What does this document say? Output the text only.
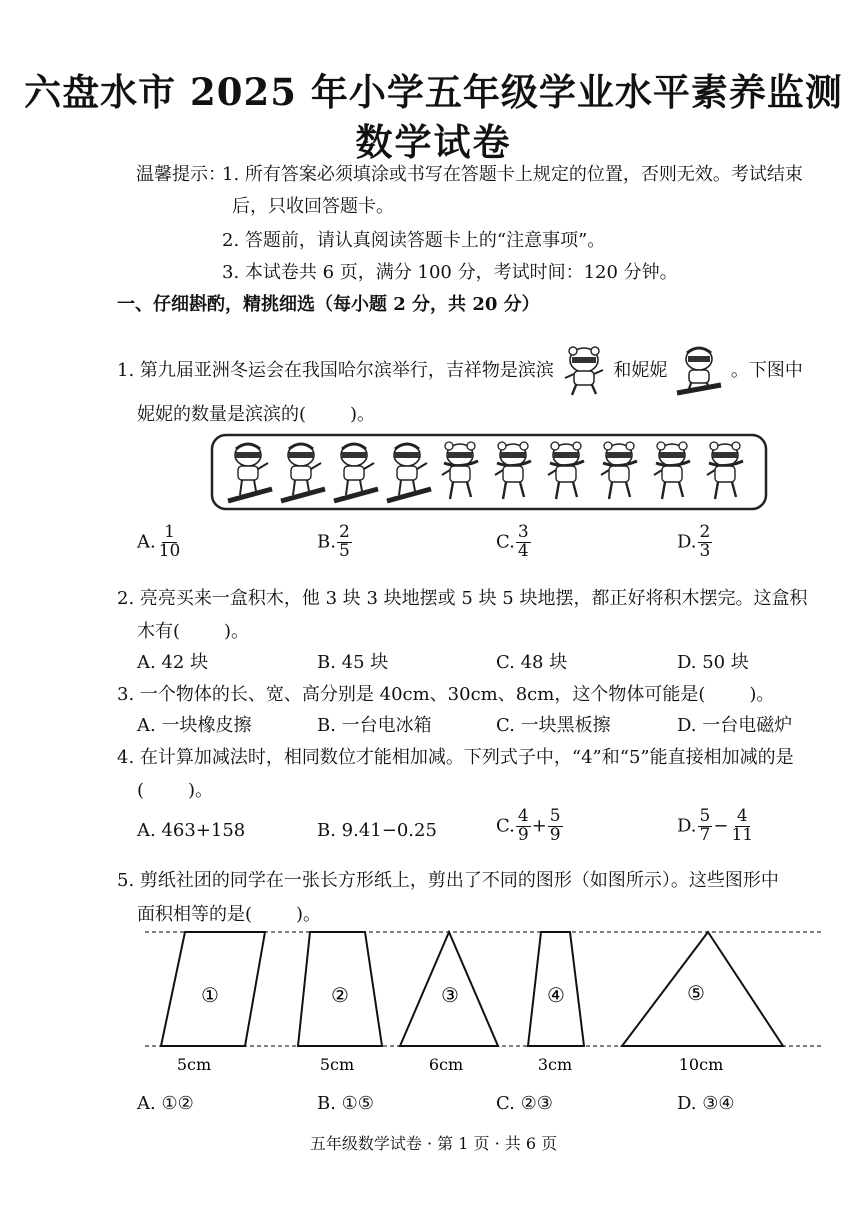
六盘水市 2025 年小学五年级学业水平素养监测
数学试卷
温馨提示：
1. 所有答案必须填涂或书写在答题卡上规定的位置，否则无效。考试结束
后，只收回答题卡。
2. 答题前，请认真阅读答题卡上的“注意事项”。
3. 本试卷共 6 页，满分 100 分，考试时间：120 分钟。
一、仔细斟酌，精挑细选（每小题 2 分，共 20 分）
1. 第九届亚洲冬运会在我国哈尔滨举行，吉祥物是滨滨	和妮妮	。下图中
妮妮的数量是滨滨的( )。
A. $\frac{1}{10}$	B. $\frac{2}{5}$	C. $\frac{3}{4}$	D. $\frac{2}{3}$
2. 亮亮买来一盒积木，他 3 块 3 块地摆或 5 块 5 块地摆，都正好将积木摆完。这盒积
木有( )。
A. 42 块	B. 45 块	C. 48 块	D. 50 块
3. 一个物体的长、宽、高分别是 40cm、30cm、8cm，这个物体可能是( )。
A. 一块橡皮擦	B. 一台电冰箱	C. 一块黑板擦	D. 一台电磁炉
4. 在计算加减法时，相同数位才能相加减。下列式子中，“4”和“5”能直接相加减的是
( )。
A. 463+158	B. 9.41−0.25	C. $\frac{4}{9} + \frac{5}{9}$	D. $\frac{5}{7} - \frac{4}{11}$
5. 剪纸社团的同学在一张长方形纸上，剪出了不同的图形（如图所示）。这些图形中
面积相等的是( )。
①	②	③	④	⑤
5cm	5cm	6cm	3cm	10cm
A. ①②	B. ①⑤	C. ②③	D. ③④
五年级数学试卷 · 第 1 页 · 共 6 页
